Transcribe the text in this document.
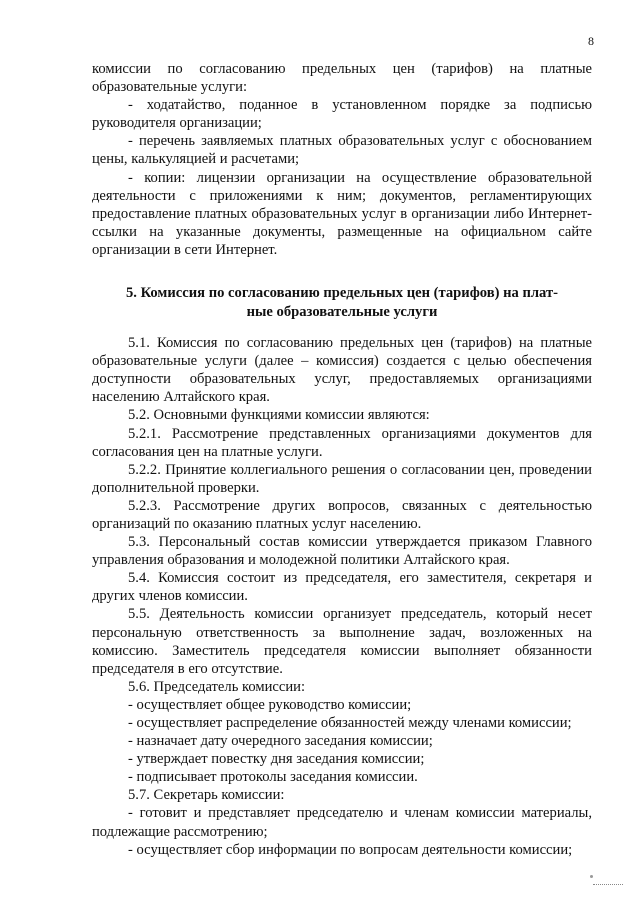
8

комиссии по согласованию предельных цен (тарифов) на платные образовательные услуги:

- ходатайство, поданное в установленном порядке за подписью руководителя организации;

- перечень заявляемых платных образовательных услуг с обоснованием цены, калькуляцией и расчетами;

- копии: лицензии организации на осуществление образовательной деятельности с приложениями к ним; документов, регламентирующих предоставление платных образовательных услуг в организации либо Интернет-ссылки на указанные документы, размещенные на официальном сайте организации в сети Интернет.

5. Комиссия по согласованию предельных цен (тарифов) на плат-
ные образовательные услуги

5.1. Комиссия по согласованию предельных цен (тарифов) на платные образовательные услуги (далее – комиссия) создается с целью обеспечения доступности образовательных услуг, предоставляемых организациями населению Алтайского края.

5.2. Основными функциями комиссии являются:

5.2.1. Рассмотрение представленных организациями документов для согласования цен на платные услуги.

5.2.2. Принятие коллегиального решения о согласовании цен, проведении дополнительной проверки.

5.2.3. Рассмотрение других вопросов, связанных с деятельностью организаций по оказанию платных услуг населению.

5.3. Персональный состав комиссии утверждается приказом Главного управления образования и молодежной политики Алтайского края.

5.4. Комиссия состоит из председателя, его заместителя, секретаря и других членов комиссии.

5.5. Деятельность комиссии организует председатель, который несет персональную ответственность за выполнение задач, возложенных на комиссию. Заместитель председателя комиссии выполняет обязанности председателя в его отсутствие.

5.6. Председатель комиссии:

- осуществляет общее руководство комиссии;

- осуществляет распределение обязанностей между членами комиссии;

- назначает дату очередного заседания комиссии;

- утверждает повестку дня заседания комиссии;

- подписывает протоколы заседания комиссии.

5.7. Секретарь комиссии:

- готовит и представляет председателю и членам комиссии материалы, подлежащие рассмотрению;

- осуществляет сбор информации по вопросам деятельности комиссии;
